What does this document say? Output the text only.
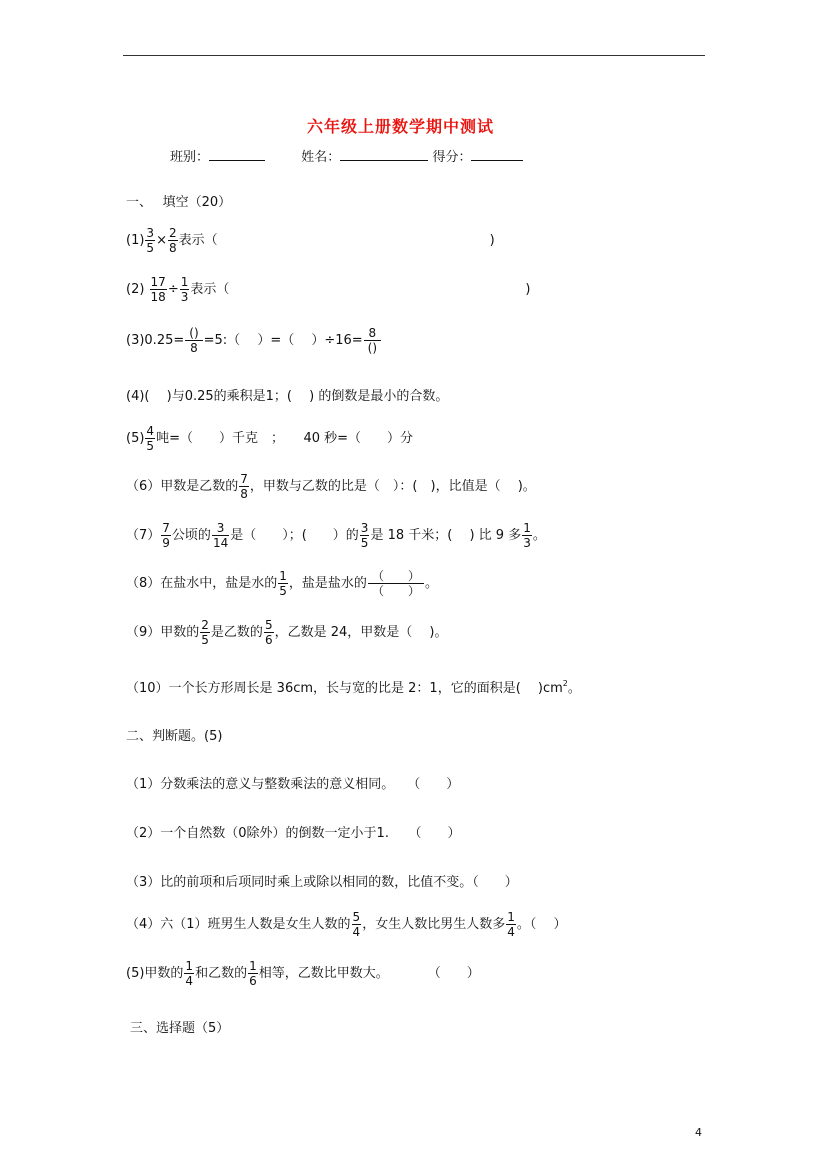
六年级上册数学期中测试
班别：	姓名：	得分：
一、　 填空（20）
$(1) \frac{3}{5} \times \frac{2}{8}$ 表示（	)
$(2) \frac{17}{18} \div \frac{1}{3}$ 表示（	)
$(3)0.25= \frac{()}{8}$ =5:（　 ）=（　 ）$\div 16= \frac{8}{()}$
(4)(　 )与0.25的乘积是1；(　 ) 的倒数是最小的合数。
$(5) \frac{4}{5}$ 吨=（　　）千克　；　　40 秒=（　　）分
（6）甲数是乙数的 $\frac{7}{8}$ ，甲数与乙数的比是（　）：(　)，比值是（　 )。
$(7) \frac{7}{9}$ 公顷的 $\frac{3}{14}$ 是（　　）；(　　）的 $\frac{3}{5}$ 是 18 千米；(　 ) 比 9 多 $\frac{1}{3}$ 。
（8）在盐水中，盐是水的 $\frac{1}{5}$ ，盐是盐水的 $\frac{( )}{( )}$ 。
（9）甲数的 $\frac{2}{5}$ 是乙数的 $\frac{5}{6}$ ，乙数是 24，甲数是（　 )。
（10）一个长方形周长是 36cm，长与宽的比是 2：1，它的面积是(　 )$cm^2$。
二、判断题。(5)
（1）分数乘法的意义与整数乘法的意义相同。　　（　　）
（2）一个自然数（0除外）的倒数一定小于1.　　（　　）
（3）比的前项和后项同时乘上或除以相同的数，比值不变。（　　）
（4）六（1）班男生人数是女生人数的 $\frac{5}{4}$ ，女生人数比男生人数多 $\frac{1}{4}$ 。（　 ）
(5)甲数的 $\frac{1}{4}$ 和乙数的 $\frac{1}{6}$ 相等，乙数比甲数大。　　　　（　　）
三、选择题（5）
4
